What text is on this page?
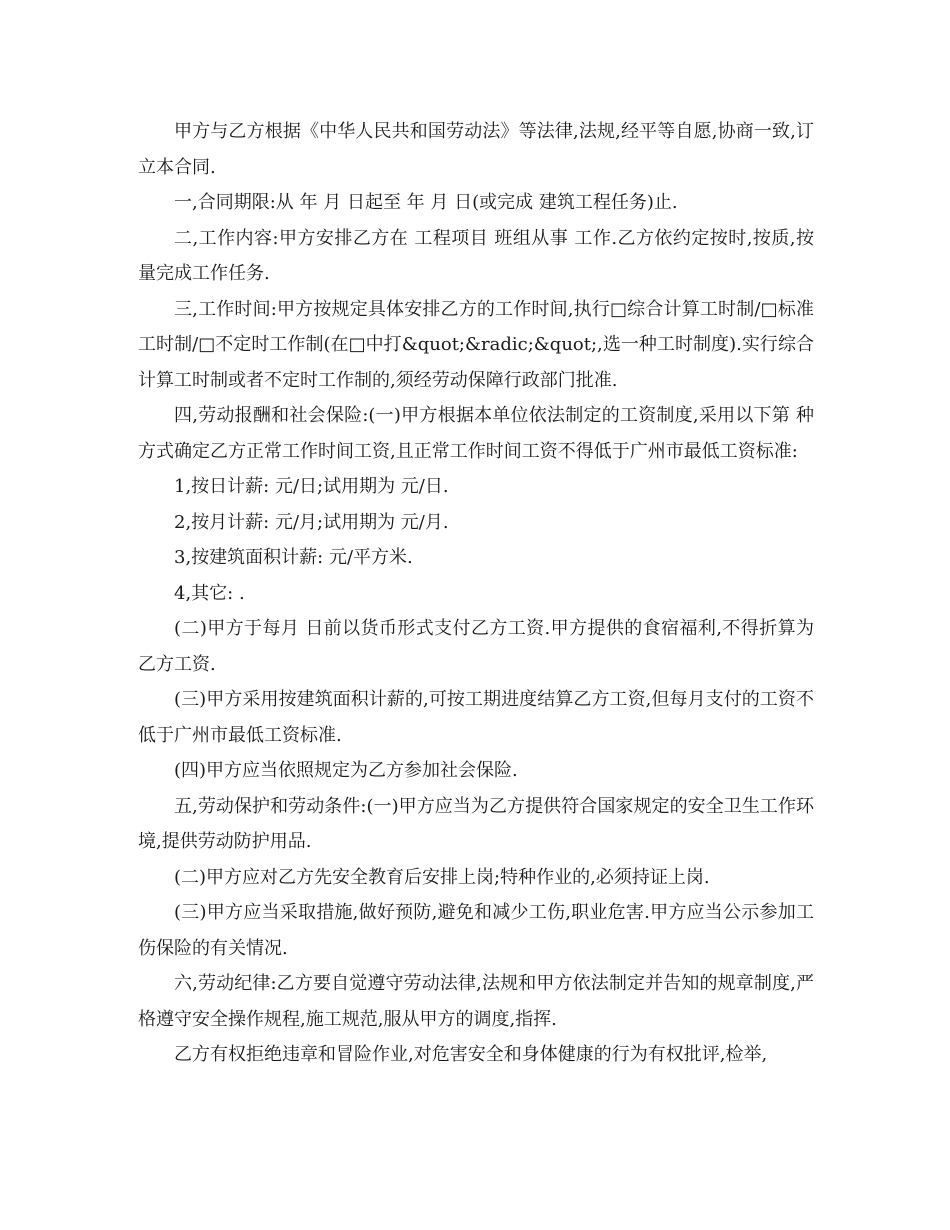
甲方与乙方根据《中华人民共和国劳动法》等法律,法规,经平等自愿,协商一致,订立本合同.

一,合同期限:从 年 月 日起至 年 月 日(或完成 建筑工程任务)止.

二,工作内容:甲方安排乙方在 工程项目 班组从事 工作.乙方依约定按时,按质,按量完成工作任务.

三,工作时间:甲方按规定具体安排乙方的工作时间,执行□综合计算工时制/□标准工时制/□不定时工作制(在□中打&quot;&radic;&quot;,选一种工时制度).实行综合计算工时制或者不定时工作制的,须经劳动保障行政部门批准.

四,劳动报酬和社会保险:(一)甲方根据本单位依法制定的工资制度,采用以下第 种方式确定乙方正常工作时间工资,且正常工作时间工资不得低于广州市最低工资标准:

1,按日计薪: 元/日;试用期为 元/日.

2,按月计薪: 元/月;试用期为 元/月.

3,按建筑面积计薪: 元/平方米.

4,其它: .

(二)甲方于每月 日前以货币形式支付乙方工资.甲方提供的食宿福利,不得折算为乙方工资.

(三)甲方采用按建筑面积计薪的,可按工期进度结算乙方工资,但每月支付的工资不低于广州市最低工资标准.

(四)甲方应当依照规定为乙方参加社会保险.

五,劳动保护和劳动条件:(一)甲方应当为乙方提供符合国家规定的安全卫生工作环境,提供劳动防护用品.

(二)甲方应对乙方先安全教育后安排上岗;特种作业的,必须持证上岗.

(三)甲方应当采取措施,做好预防,避免和减少工伤,职业危害.甲方应当公示参加工伤保险的有关情况.

六,劳动纪律:乙方要自觉遵守劳动法律,法规和甲方依法制定并告知的规章制度,严格遵守安全操作规程,施工规范,服从甲方的调度,指挥.

乙方有权拒绝违章和冒险作业,对危害安全和身体健康的行为有权批评,检举,
